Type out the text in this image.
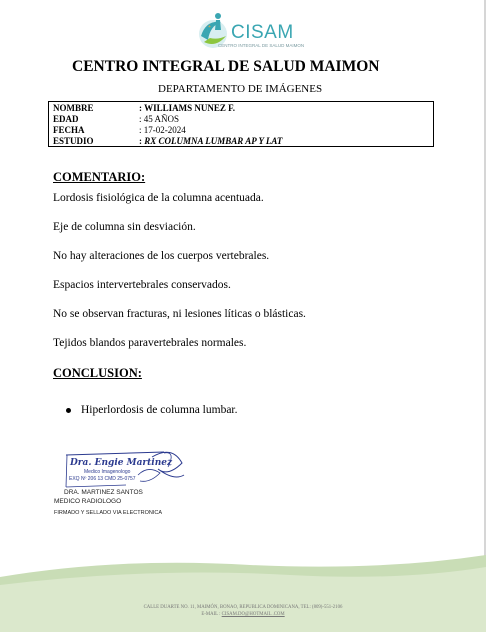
+ CISAM
CENTRO INTEGRAL DE SALUD MAIMON
CENTRO INTEGRAL DE SALUD MAIMON
DEPARTAMENTO DE IMÁGENES
NOMBRE	: WILLIAMS NUNEZ F.
EDAD	: 45 AÑOS
FECHA	: 17-02-2024
ESTUDIO	: RX COLUMNA LUMBAR AP Y LAT
COMENTARIO:
Lordosis fisiológica de la columna acentuada.
Eje de columna sin desviación.
No hay alteraciones de los cuerpos vertebrales.
Espacios intervertebrales conservados.
No se observan fracturas, ni lesiones líticas o blásticas.
Tejidos blandos paravertebrales normales.
CONCLUSION:
Hiperlordosis de columna lumbar.
Dra. Engie Martinez
Medico Imagenologo
EXQ Nº 206 13 CMD 25-0757
DRA. MARTINEZ SANTOS
MEDICO RADIOLOGO
FIRMADO Y SELLADO VIA ELECTRONICA
CALLE DUARTE NO. 11, MAIMÓN, BONAO, REPUBLICA DOMINICANA, TEL: (809)-551-2106
E-MAIL : CISAM.DO@HOTMAIL .COM
